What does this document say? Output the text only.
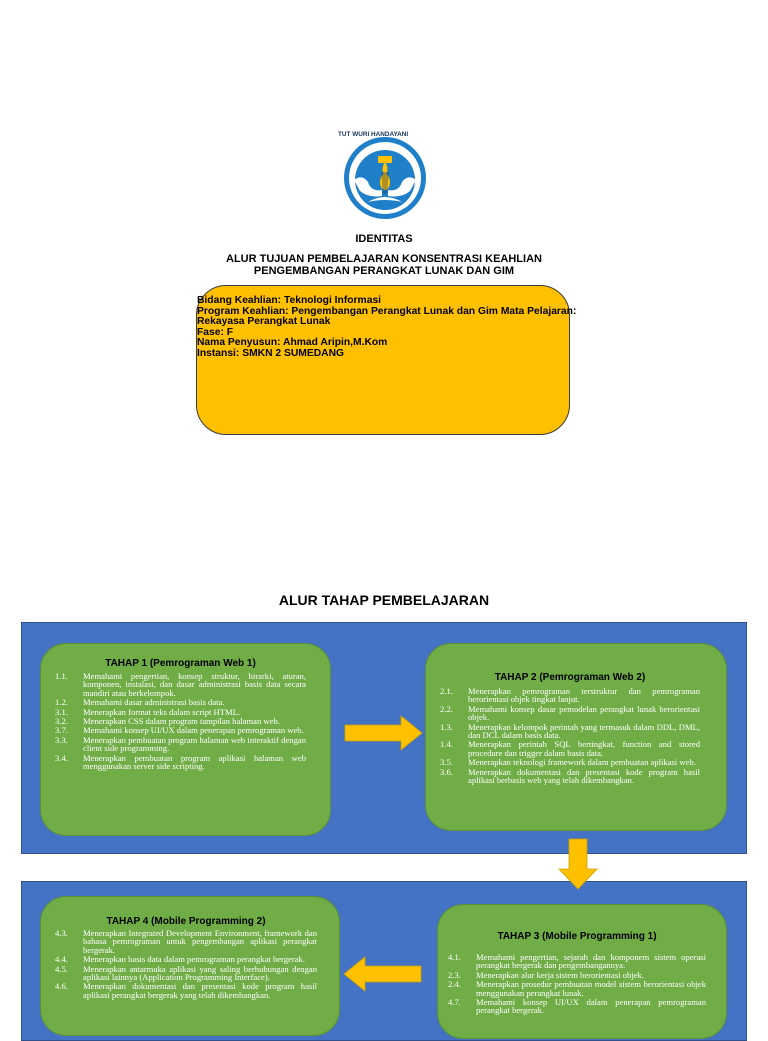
TUT WURI HANDAYANI
IDENTITAS
ALUR TUJUAN PEMBELAJARAN KONSENTRASI KEAHLIAN
PENGEMBANGAN PERANGKAT LUNAK DAN GIM
Bidang Keahlian: Teknologi Informasi
Program Keahlian: Pengembangan Perangkat Lunak dan Gim Mata Pelajaran:
Rekayasa Perangkat Lunak
Fase: F
Nama Penyusun: Ahmad Aripin,M.Kom
Instansi: SMKN 2 SUMEDANG
ALUR TAHAP PEMBELAJARAN
TAHAP 1 (Pemrograman Web 1)
1.1.	Memahami pengertian, konsep struktur, hirarki, aturan, komponen, instalasi, dan dasar administrasi basis data secara mandiri atau berkelompok.
1.2.	Memahami dasar administrasi basis data.
3.1.	Menerapkan format teks dalam script HTML.
3.2.	Menerapkan CSS dalam program tampilan halaman web.
3.7.	Memahami konsep UI/UX dalam penerapan pemrograman web.
3.3.	Menerapkan pembuatan program halaman web interaktif dengan client side programming.
3.4.	Menerapkan pembuatan program aplikasi halaman web menggunakan server side scripting.
TAHAP 2 (Pemrograman Web 2)
2.1.	Menerapkan pemrograman terstruktur dan pemrograman berorientasi objek tingkat lanjut.
2.2.	Memahami konsep dasar pemodelan perangkat lunak berorientasi objek.
1.3.	Menerapkan kelompok perintah yang termasuk dalam DDL, DML, dan DCL dalam basis data.
1.4.	Menerapkan perintah SQL bertingkat, function and stored procedure dan trigger dalam basis data.
3.5.	Menerapkan teknologi framework dalam pembuatan aplikasi web.
3.6.	Menerapkan dokumentasi dan presentasi kode program hasil aplikasi berbasis web yang telah dikembangkan.
TAHAP 3 (Mobile Programming 1)
4.1.	Memahami pengertian, sejarah dan komponem sistem operasi perangkat bergerak dan pengembangannya.
2.3.	Menerapkan alur kerja sistem berorientasi objek.
2.4.	Menerapkan prosedur pembuatan model sistem berorientasi objek menggunakan perangkat lunak.
4.7.	Memahami konsep UI/UX dalam penerapan pemrograman perangkat bergerak.
TAHAP 4 (Mobile Programming 2)
4.3.	Menerapkan Integrated Development Environment, framework dan bahasa pemrograman untuk pengembangan aplikasi perangkat bergerak.
4.4.	Menerapkan basis data dalam pemrograman perangkat bergerak.
4.5.	Menerapkan antarmuka aplikasi yang saling berhubungan dengan aplikasi lainnya (Application Programming Interface).
4.6.	Menerapkan dokumentasi dan presentasi kode program hasil aplikasi perangkat bergerak yang telah dikembangkan.
